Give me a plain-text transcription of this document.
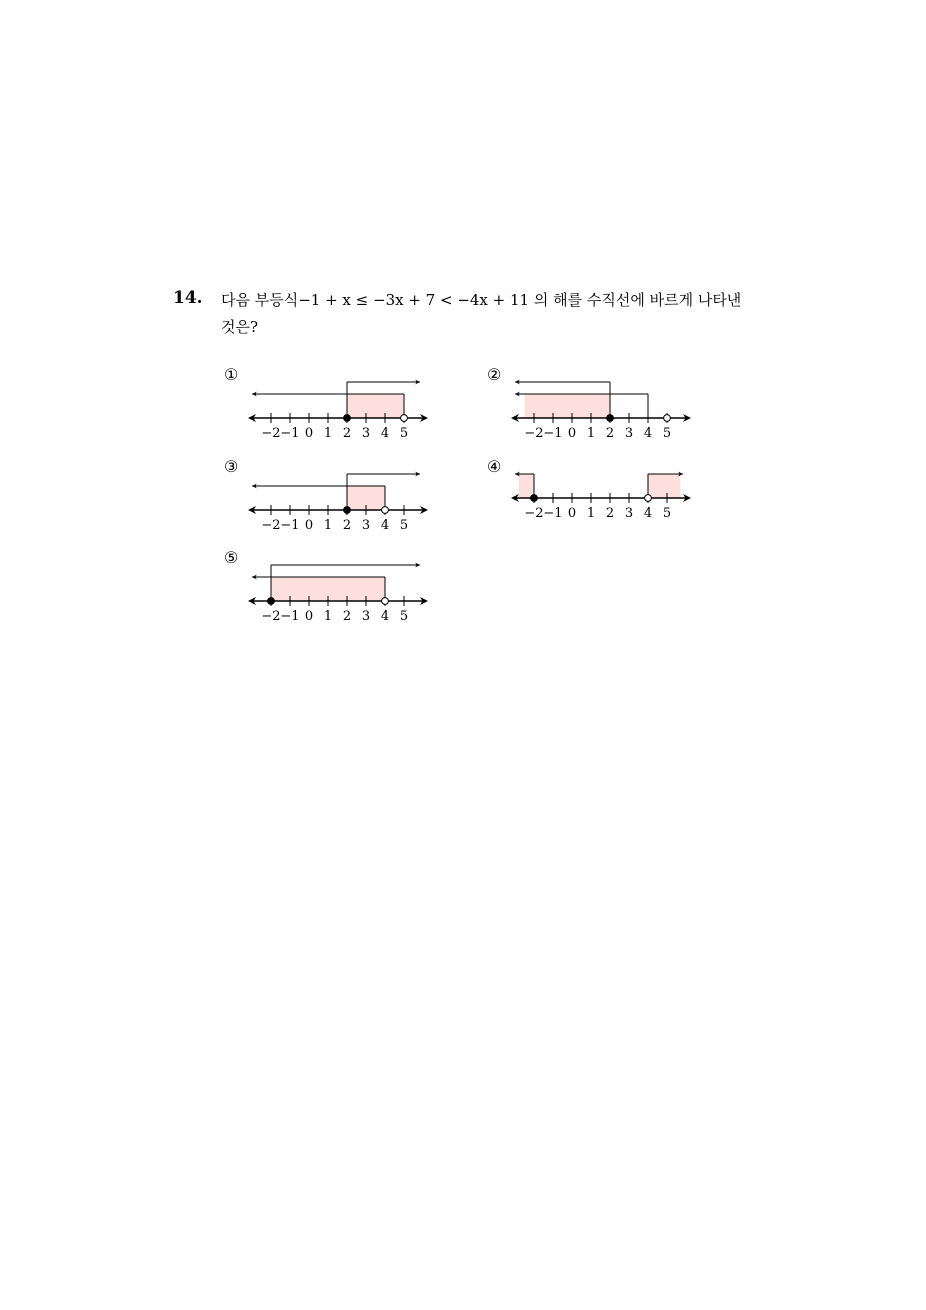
14. 다음 부등식−1 + x ≤ −3x + 7 < −4x + 11 의 해를 수직선에 바르게 나타낸
것은?
①
−2 −1 0 1 2 3 4 5
②
−2 −1 0 1 2 3 4 5
③
−2 −1 0 1 2 3 4 5
④
−2 −1 0 1 2 3 4 5
⑤
−2 −1 0 1 2 3 4 5
